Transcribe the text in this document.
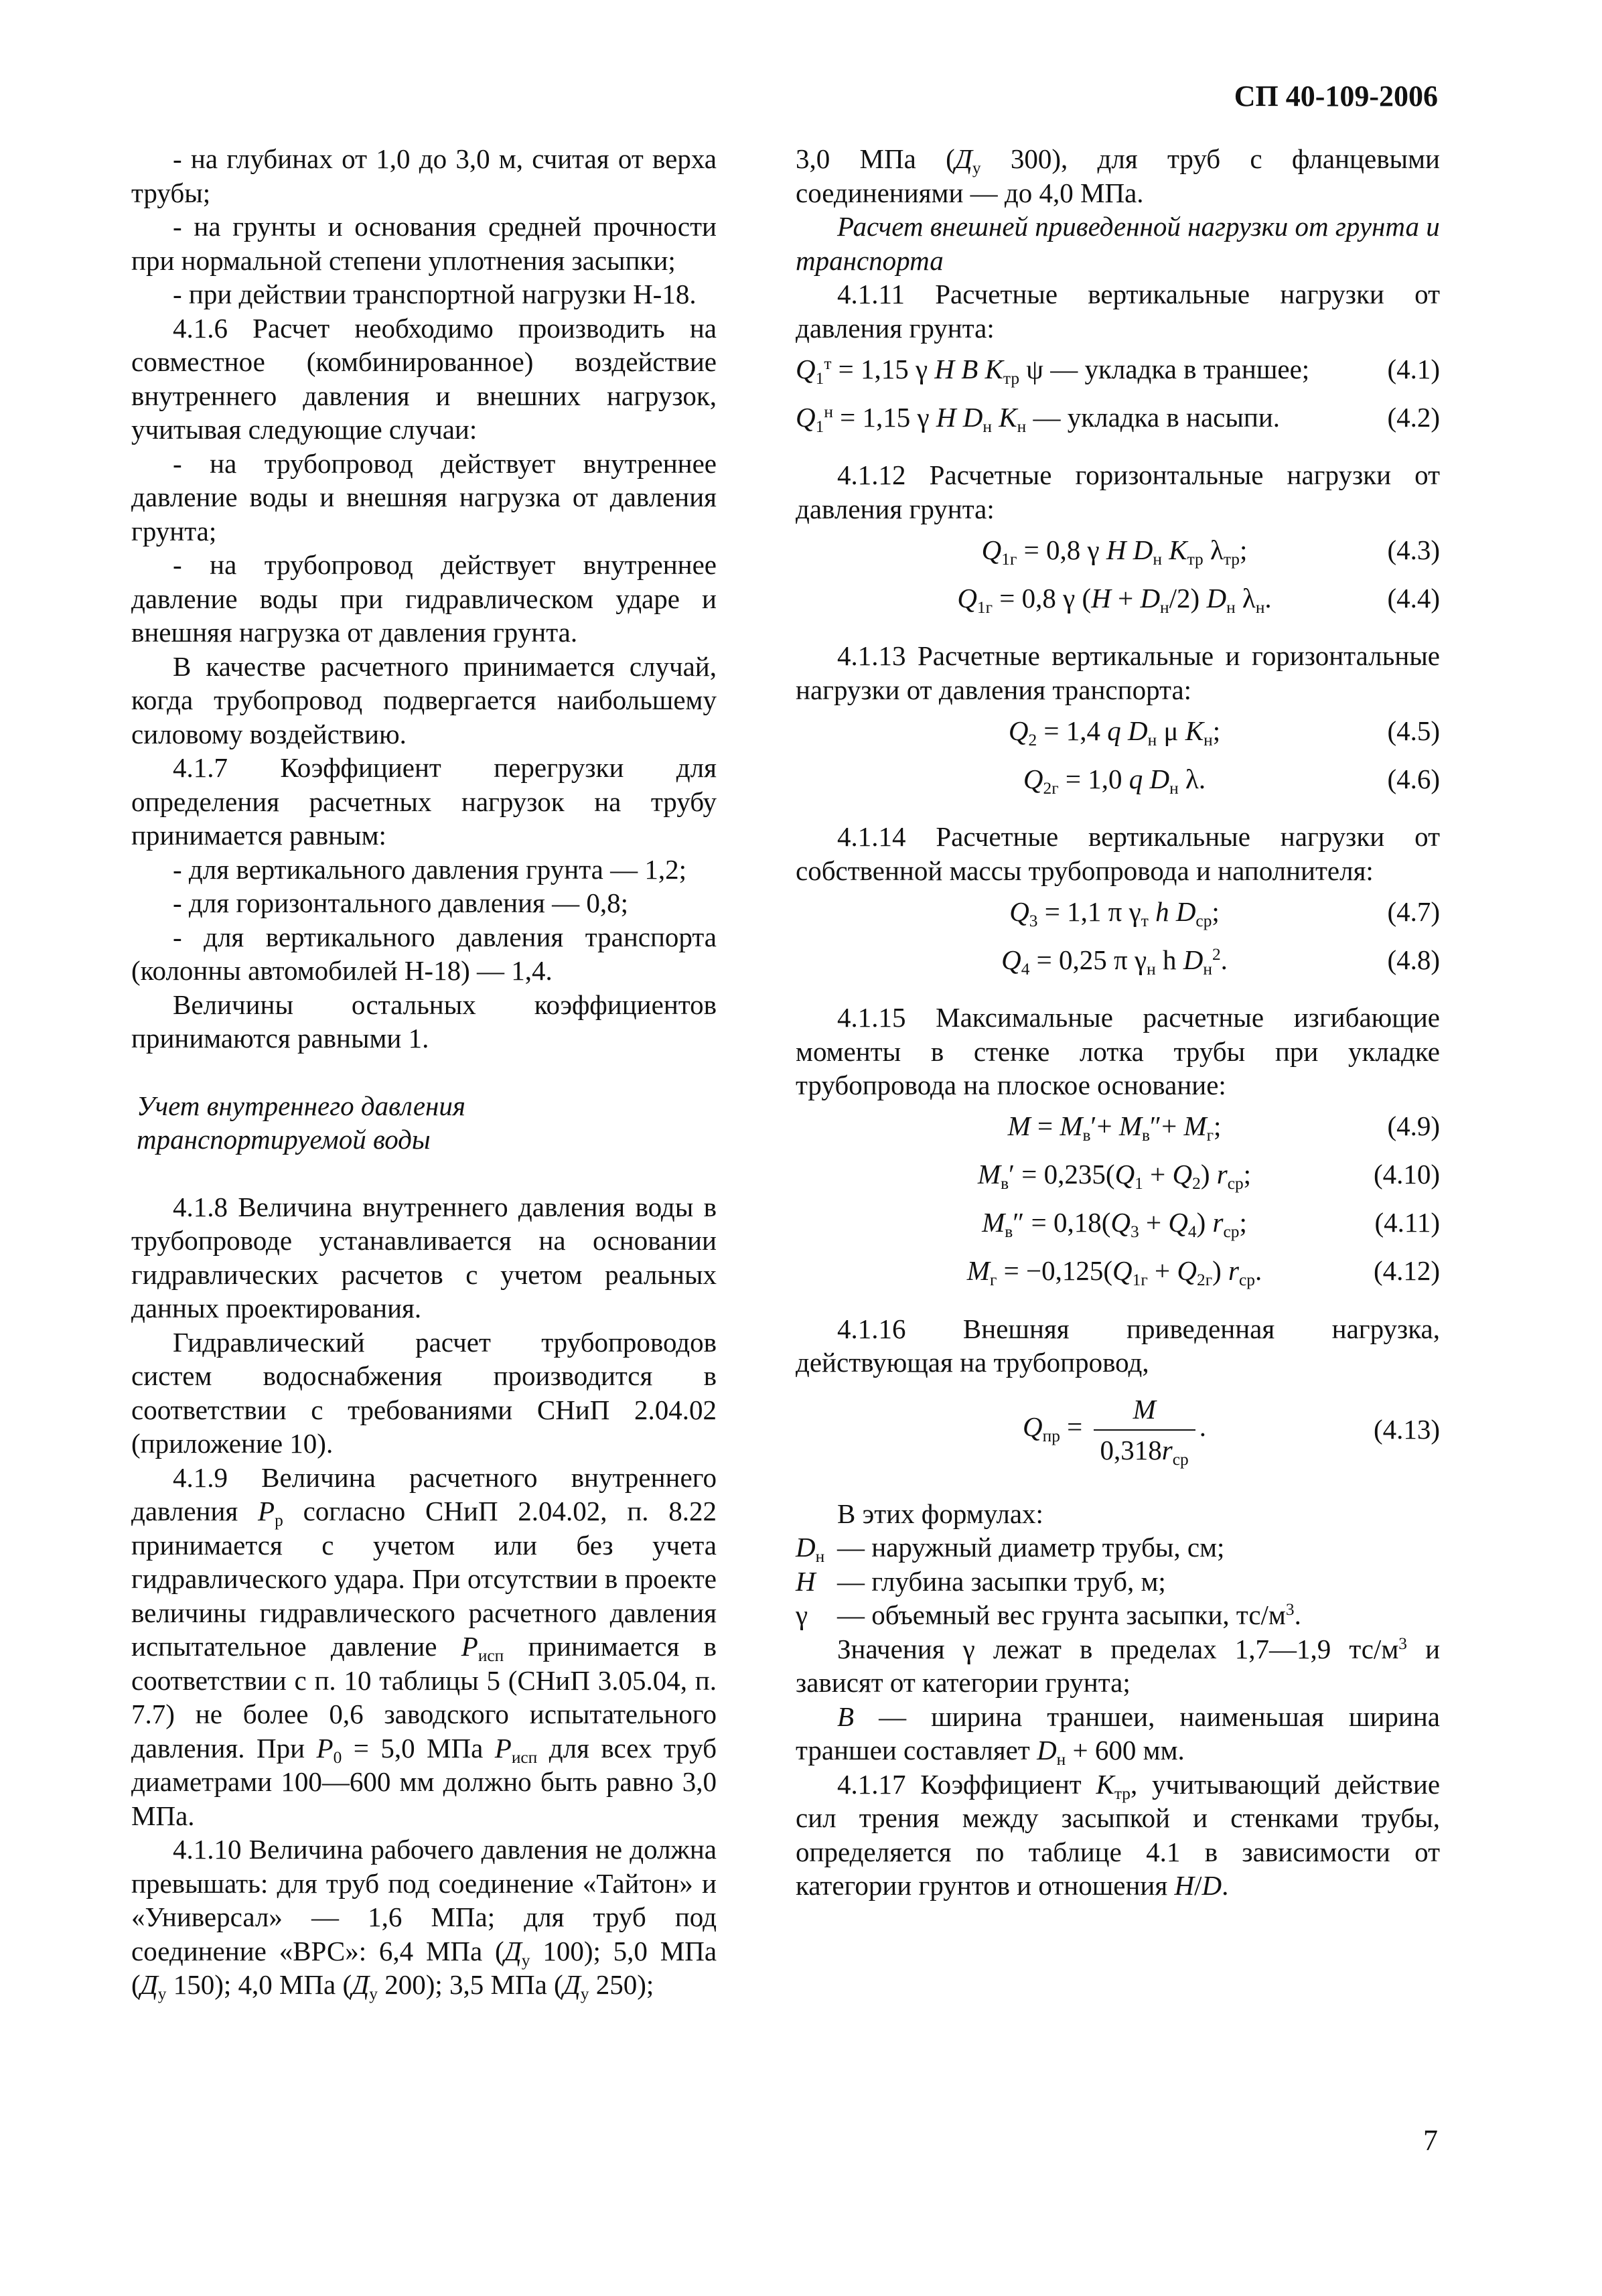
СП 40-109-2006

- на глубинах от 1,0 до 3,0 м, считая от верха трубы;

- на грунты и основания средней прочности при нормальной степени уплотнения засыпки;

- при действии транспортной нагрузки Н-18.

4.1.6 Расчет необходимо производить на совместное (комбинированное) воздействие внутреннего давления и внешних нагрузок, учитывая следующие случаи:

- на трубопровод действует внутреннее давление воды и внешняя нагрузка от давления грунта;

- на трубопровод действует внутреннее давление воды при гидравлическом ударе и внешняя нагрузка от давления грунта.

В качестве расчетного принимается случай, когда трубопровод подвергается наибольшему силовому воздействию.

4.1.7 Коэффициент перегрузки для определения расчетных нагрузок на трубу принимается равным:

- для вертикального давления грунта — 1,2;

- для горизонтального давления — 0,8;

- для вертикального давления транспорта (колонны автомобилей Н-18) — 1,4.

Величины остальных коэффициентов принимаются равными 1.

Учет внутреннего давления
транспортируемой воды

4.1.8 Величина внутреннего давления воды в трубопроводе устанавливается на основании гидравлических расчетов с учетом реальных данных проектирования.

Гидравлический расчет трубопроводов систем водоснабжения производится в соответствии с требованиями СНиП 2.04.02 (приложение 10).

4.1.9 Величина расчетного внутреннего давления $P_р$ согласно СНиП 2.04.02, п. 8.22 принимается с учетом или без учета гидравлического удара. При отсутствии в проекте величины гидравлического расчетного давления испытательное давление $P_{исп}$ принимается в соответствии с п. 10 таблицы 5 (СНиП 3.05.04, п. 7.7) не более 0,6 заводского испытательного давления. При $P_0 = 5,0$ МПа $P_{исп}$ для всех труб диаметрами 100—600 мм должно быть равно 3,0 МПа.

4.1.10 Величина рабочего давления не должна превышать: для труб под соединение «Тайтон» и «Универсал» — 1,6 МПа; для труб под соединение «ВРС»: 6,4 МПа ($Д_у$ 100); 5,0 МПа ($Д_у$ 150); 4,0 МПа ($Д_у$ 200); 3,5 МПа ($Д_у$ 250);

3,0 МПа ($Д_у$ 300), для труб с фланцевыми соединениями — до 4,0 МПа.

Расчет внешней приведенной нагрузки от грунта и транспорта

4.1.11 Расчетные вертикальные нагрузки от давления грунта:

$Q_1^т = 1,15$ γ H B $K_{тр}$ ψ — укладка в траншее;	(4.1)
$Q_1^н = 1,15$ γ H $D_н$ $K_н$ — укладка в насыпи.	(4.2)

4.1.12 Расчетные горизонтальные нагрузки от давления грунта:

$Q_{1г} = 0,8$ γ H $D_н$ $K_{тр}$ $\lambda_{тр}$;	(4.3)
$Q_{1г} = 0,8$ γ $(H + D_н/2)$ $D_н$ $\lambda_н$.	(4.4)

4.1.13 Расчетные вертикальные и горизонтальные нагрузки от давления транспорта:

$Q_2 = 1,4$ q $D_н$ μ $K_н$;	(4.5)
$Q_{2г} = 1,0$ q $D_н$ λ.	(4.6)

4.1.14 Расчетные вертикальные нагрузки от собственной массы трубопровода и наполнителя:

$Q_3 = 1,1$ π $\gamma_т$ h $D_{ср}$;	(4.7)
$Q_4 = 0,25$ π $\gamma_н$ h $D_н^2$.	(4.8)

4.1.15 Максимальные расчетные изгибающие моменты в стенке лотка трубы при укладке трубопровода на плоское основание:

$M = M_в'+ M_в''+ M_г$;	(4.9)
$M_в' = 0,235(Q_1 + Q_2)$ $r_{ср}$;	(4.10)
$M_в'' = 0,18(Q_3 + Q_4)$ $r_{ср}$;	(4.11)
$M_г = -0,125(Q_{1г} + Q_{2г})$ $r_{ср}$.	(4.12)

4.1.16 Внешняя приведенная нагрузка, действующая на трубопровод,

$Q_{пр} = \frac{M}{0,318r_{ср}}$ .	(4.13)

В этих формулах:

$D_н$ — наружный диаметр трубы, см;

H — глубина засыпки труб, м;

γ	— объемный вес грунта засыпки, $тс/м^3$.

Значения γ лежат в пределах 1,7—1,9 $тс/м^3$ и зависят от категории грунта;

B — ширина траншеи, наименьшая ширина траншеи составляет $D_н + 600$ мм.

4.1.17 Коэффициент $K_{тр}$, учитывающий действие сил трения между засыпкой и стенками трубы, определяется по таблице 4.1 в зависимости от категории грунтов и отношения H/D.

7
